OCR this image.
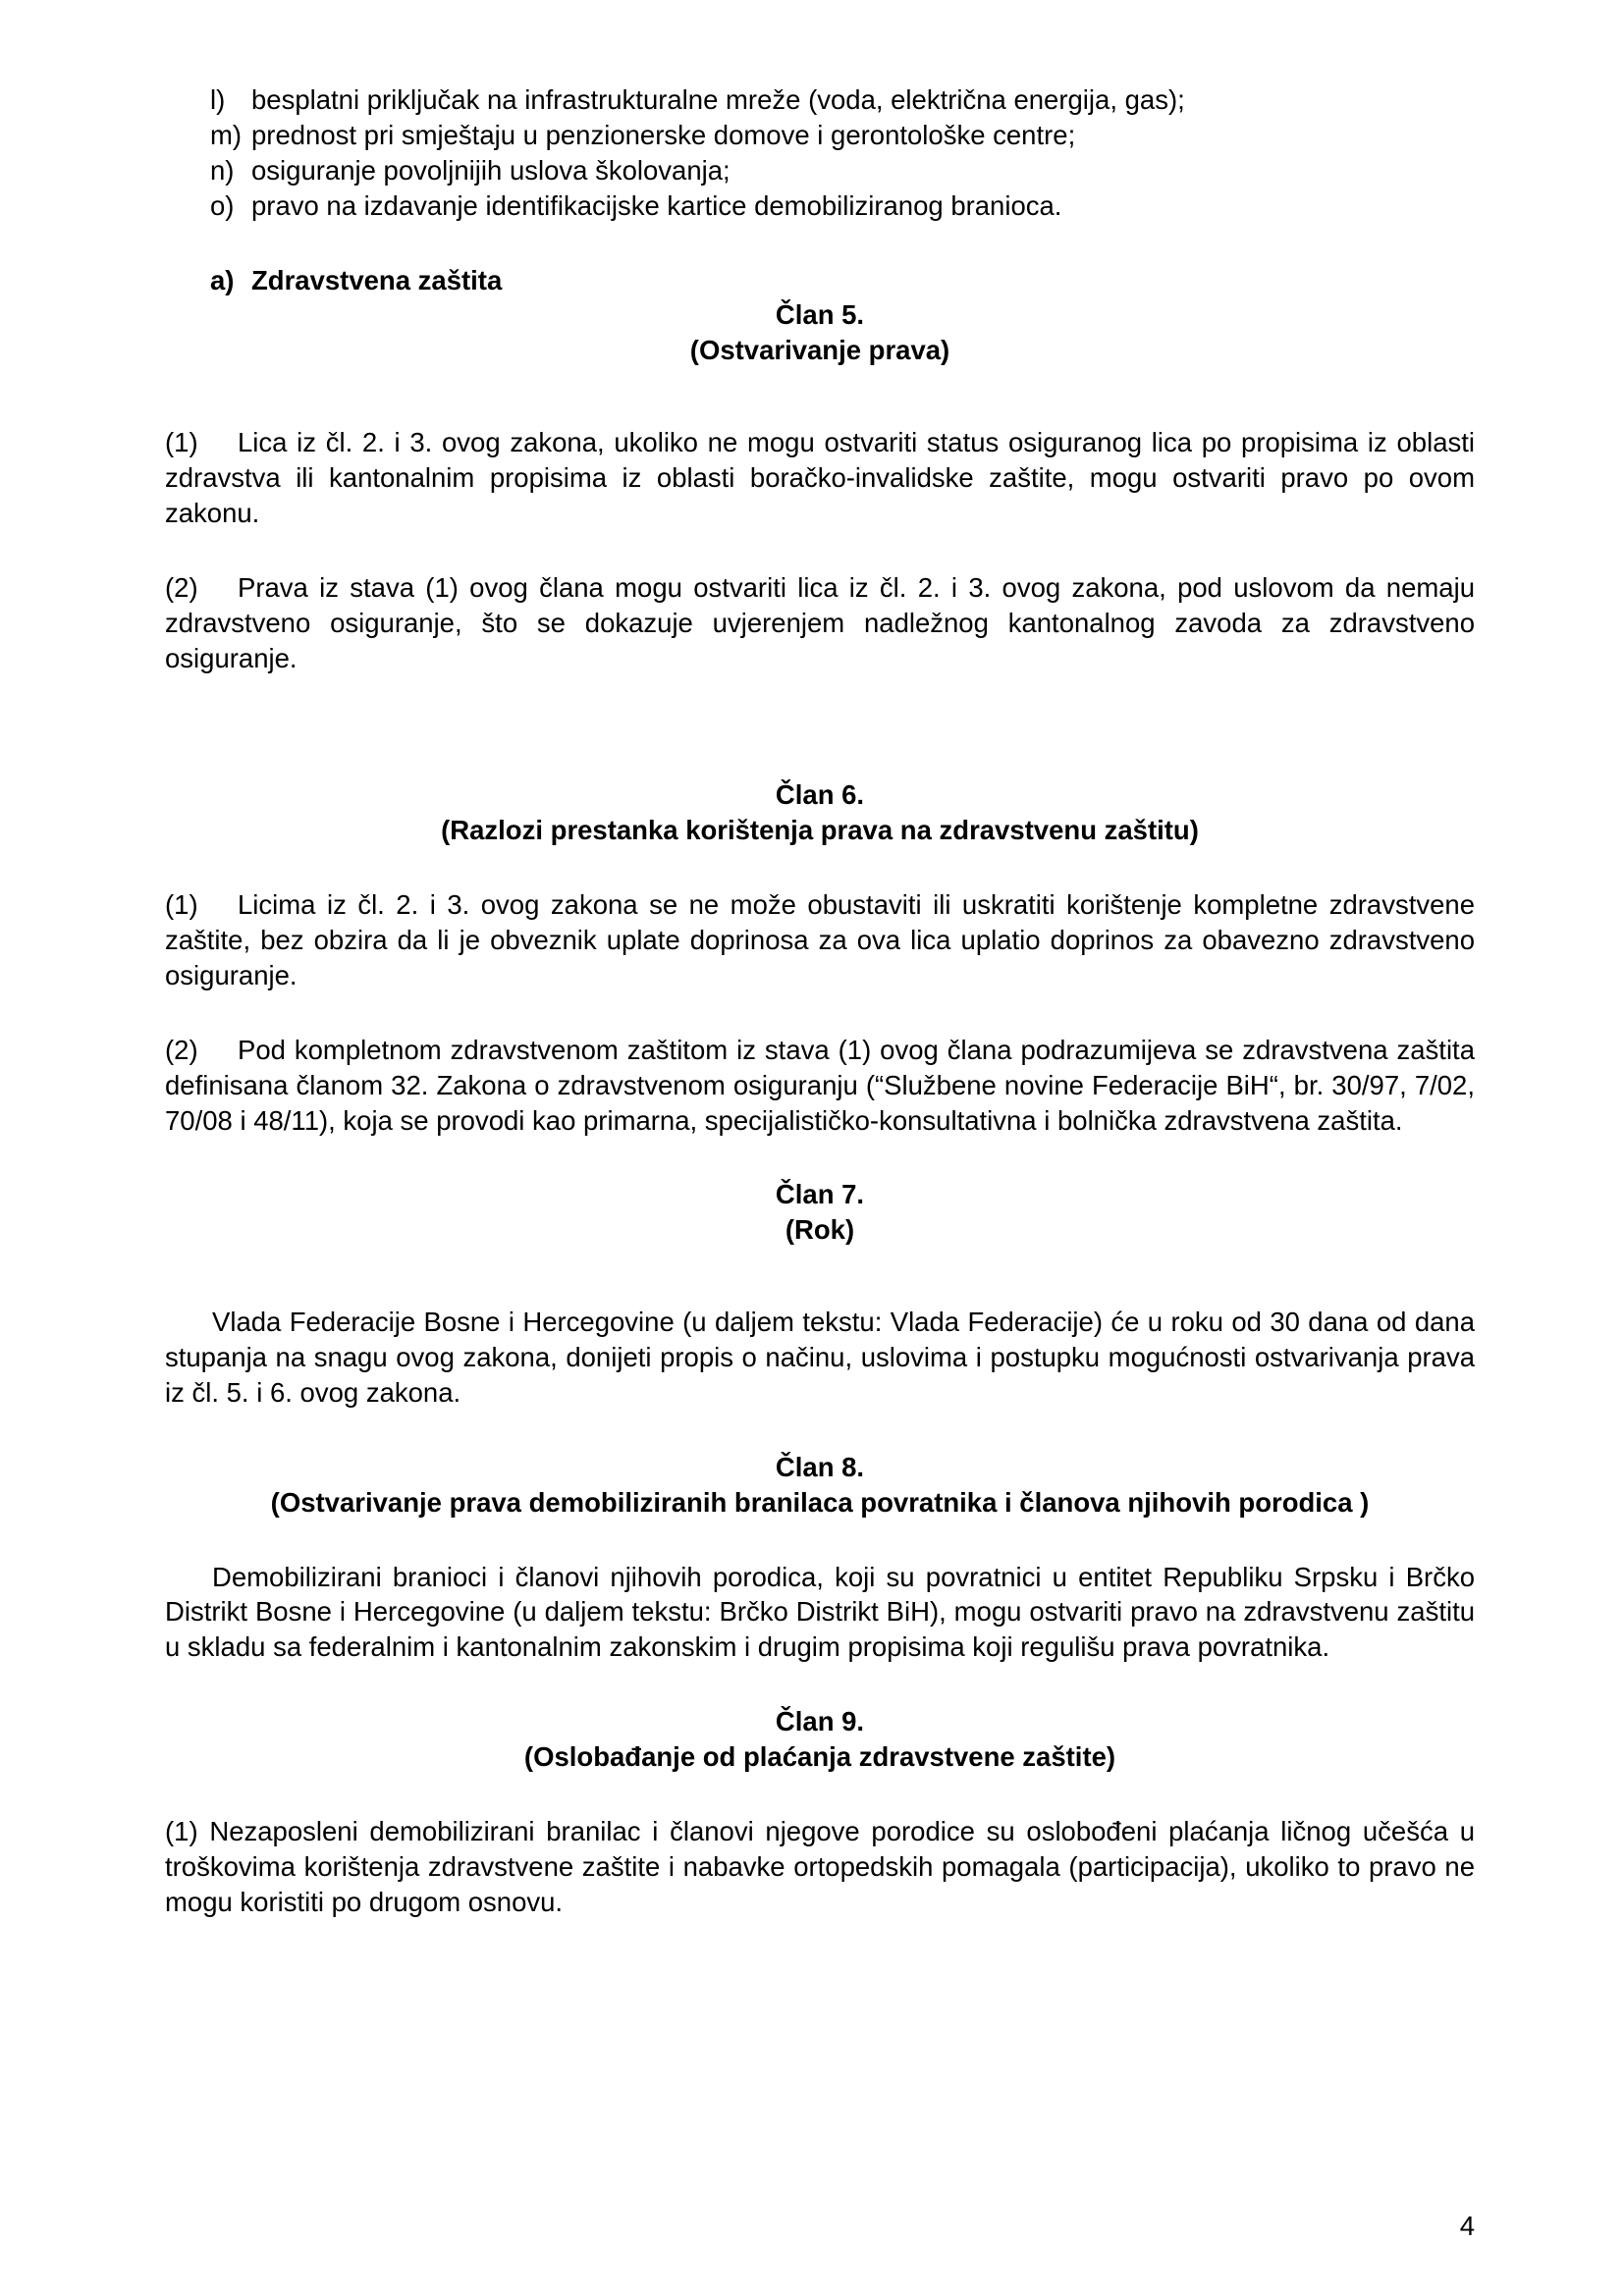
l) besplatni priključak na infrastrukturalne mreže (voda, električna energija, gas);
m) prednost pri smještaju u penzionerske domove i gerontološke centre;
n) osiguranje povoljnijih uslova školovanja;
o) pravo na izdavanje identifikacijske kartice demobiliziranog branioca.
a) Zdravstvena zaštita
Član 5.
(Ostvarivanje prava)

(1) Lica iz čl. 2. i 3. ovog zakona, ukoliko ne mogu ostvariti status osiguranog lica po propisima iz oblasti zdravstva ili kantonalnim propisima iz oblasti boračko-invalidske zaštite, mogu ostvariti pravo po ovom zakonu.

(2) Prava iz stava (1) ovog člana mogu ostvariti lica iz čl. 2. i 3. ovog zakona, pod uslovom da nemaju zdravstveno osiguranje, što se dokazuje uvjerenjem nadležnog kantonalnog zavoda za zdravstveno osiguranje.

Član 6.
(Razlozi prestanka korištenja prava na zdravstvenu zaštitu)

(1) Licima iz čl. 2. i 3. ovog zakona se ne može obustaviti ili uskratiti korištenje kompletne zdravstvene zaštite, bez obzira da li je obveznik uplate doprinosa za ova lica uplatio doprinos za obavezno zdravstveno osiguranje.

(2) Pod kompletnom zdravstvenom zaštitom iz stava (1) ovog člana podrazumijeva se zdravstvena zaštita definisana članom 32. Zakona o zdravstvenom osiguranju (“Službene novine Federacije BiH“, br. 30/97, 7/02, 70/08 i 48/11), koja se provodi kao primarna, specijalističko-konsultativna i bolnička zdravstvena zaštita.

Član 7.
(Rok)

Vlada Federacije Bosne i Hercegovine (u daljem tekstu: Vlada Federacije) će u roku od 30 dana od dana stupanja na snagu ovog zakona, donijeti propis o načinu, uslovima i postupku mogućnosti ostvarivanja prava iz čl. 5. i 6. ovog zakona.

Član 8.
(Ostvarivanje prava demobiliziranih branilaca povratnika i članova njihovih porodica )

Demobilizirani branioci i članovi njihovih porodica, koji su povratnici u entitet Republiku Srpsku i Brčko Distrikt Bosne i Hercegovine (u daljem tekstu: Brčko Distrikt BiH), mogu ostvariti pravo na zdravstvenu zaštitu u skladu sa federalnim i kantonalnim zakonskim i drugim propisima koji regulišu prava povratnika.

Član 9.
(Oslobađanje od plaćanja zdravstvene zaštite)

(1) Nezaposleni demobilizirani branilac i članovi njegove porodice su oslobođeni plaćanja ličnog učešća u troškovima korištenja zdravstvene zaštite i nabavke ortopedskih pomagala (participacija), ukoliko to pravo ne mogu koristiti po drugom osnovu.

4
